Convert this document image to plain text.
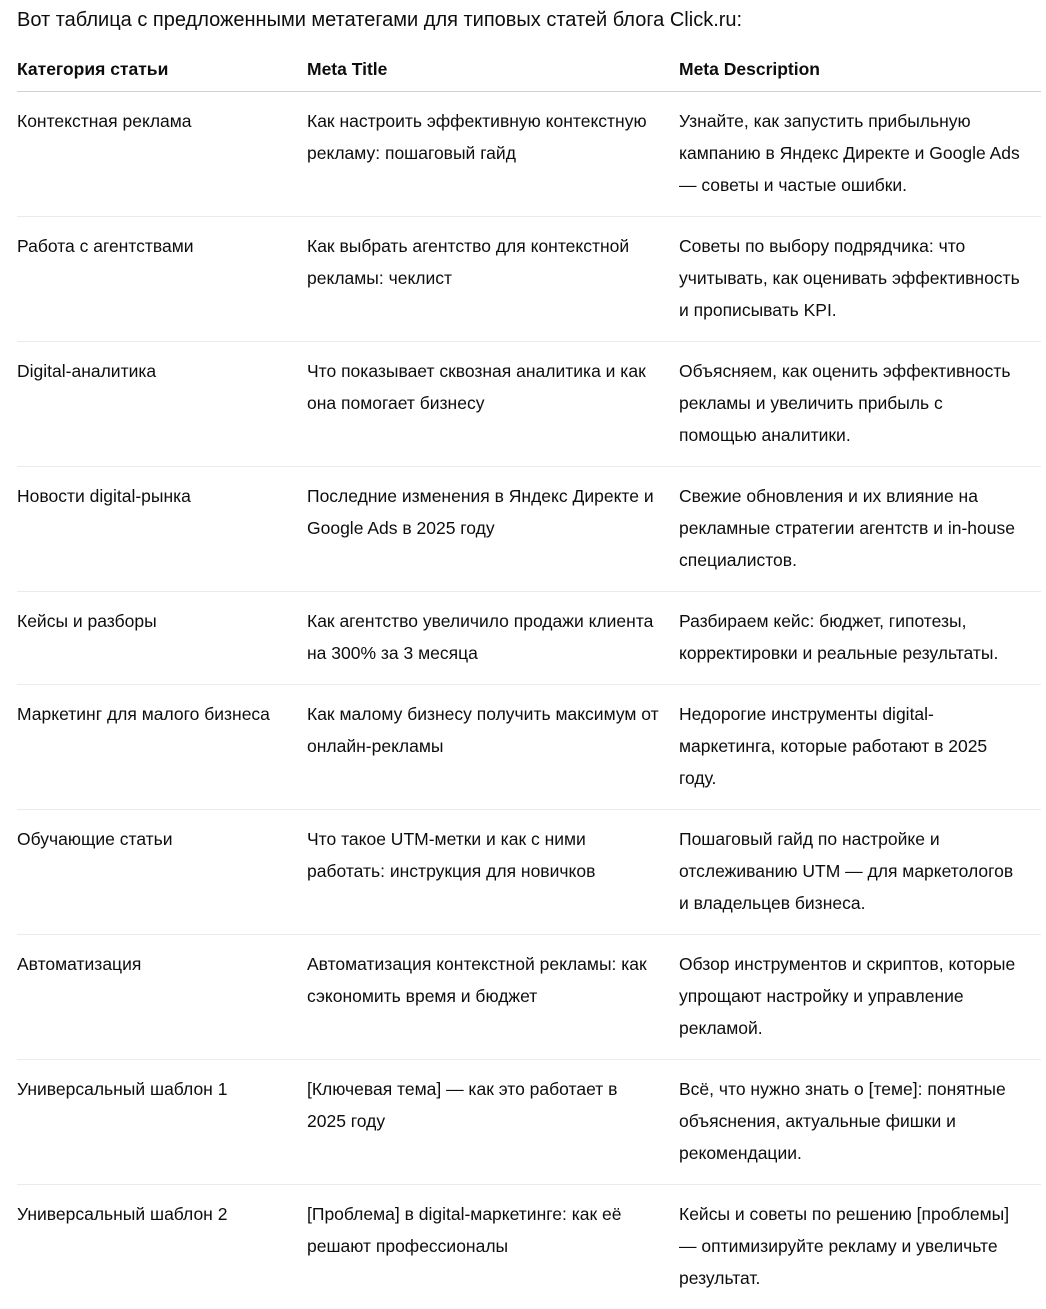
Вот таблица с предложенными метатегами для типовых статей блога Click.ru:

Категория статьи	Meta Title	Meta Description
Контекстная реклама	Как настроить эффективную контекстную рекламу: пошаговый гайд	Узнайте, как запустить прибыльную кампанию в Яндекс Директе и Google Ads — советы и частые ошибки.
Работа с агентствами	Как выбрать агентство для контекстной рекламы: чеклист	Советы по выбору подрядчика: что учитывать, как оценивать эффективность и прописывать KPI.
Digital-аналитика	Что показывает сквозная аналитика и как она помогает бизнесу	Объясняем, как оценить эффективность рекламы и увеличить прибыль с помощью аналитики.
Новости digital-рынка	Последние изменения в Яндекс Директе и Google Ads в 2025 году	Свежие обновления и их влияние на рекламные стратегии агентств и in-house специалистов.
Кейсы и разборы	Как агентство увеличило продажи клиента на 300% за 3 месяца	Разбираем кейс: бюджет, гипотезы, корректировки и реальные результаты.
Маркетинг для малого бизнеса	Как малому бизнесу получить максимум от онлайн-рекламы	Недорогие инструменты digital-маркетинга, которые работают в 2025 году.
Обучающие статьи	Что такое UTM-метки и как с ними работать: инструкция для новичков	Пошаговый гайд по настройке и отслеживанию UTM — для маркетологов и владельцев бизнеса.
Автоматизация	Автоматизация контекстной рекламы: как сэкономить время и бюджет	Обзор инструментов и скриптов, которые упрощают настройку и управление рекламой.
Универсальный шаблон 1	[Ключевая тема] — как это работает в 2025 году	Всё, что нужно знать о [теме]: понятные объяснения, актуальные фишки и рекомендации.
Универсальный шаблон 2	[Проблема] в digital-маркетинге: как её решают профессионалы	Кейсы и советы по решению [проблемы] — оптимизируйте рекламу и увеличьте результат.
